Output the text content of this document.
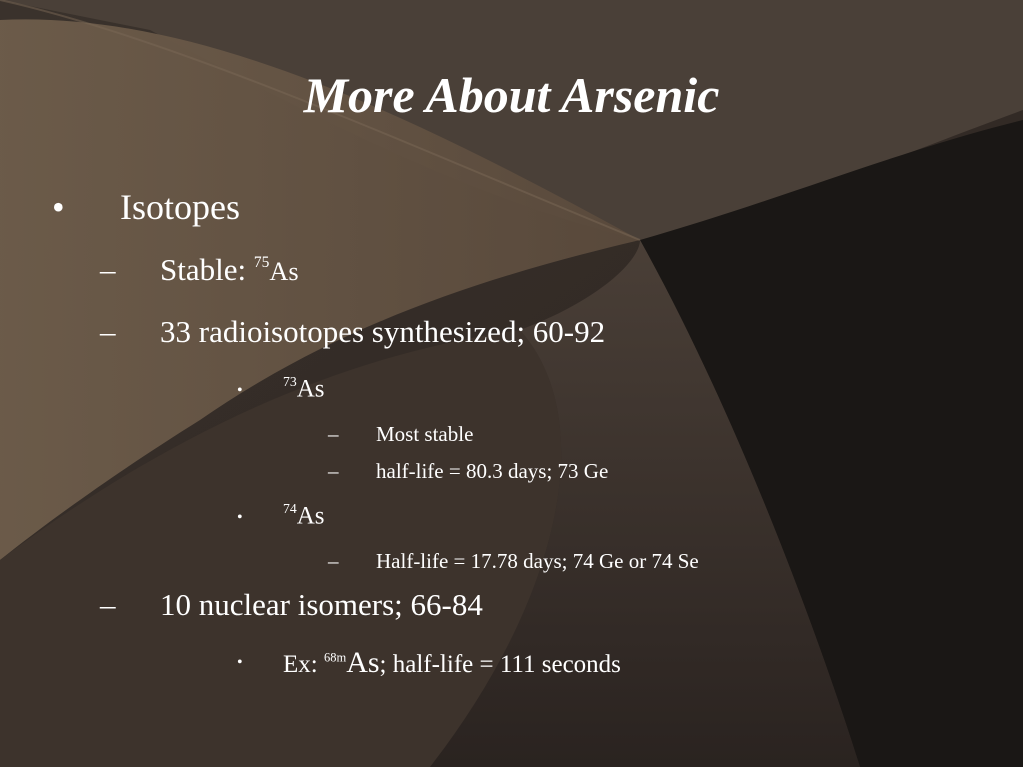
More About Arsenic
• Isotopes
– Stable: $^{75}$As
– 33 radioisotopes synthesized; 60-92
•
$^{73}$As
– Most stable
– half-life = 80.3 days; 73 Ge
•
$^{74}$As
– Half-life = 17.78 days; 74 Ge or 74 Se
– 10 nuclear isomers; 66-84
• Ex: $^{68m}$As; half-life = 111 seconds
